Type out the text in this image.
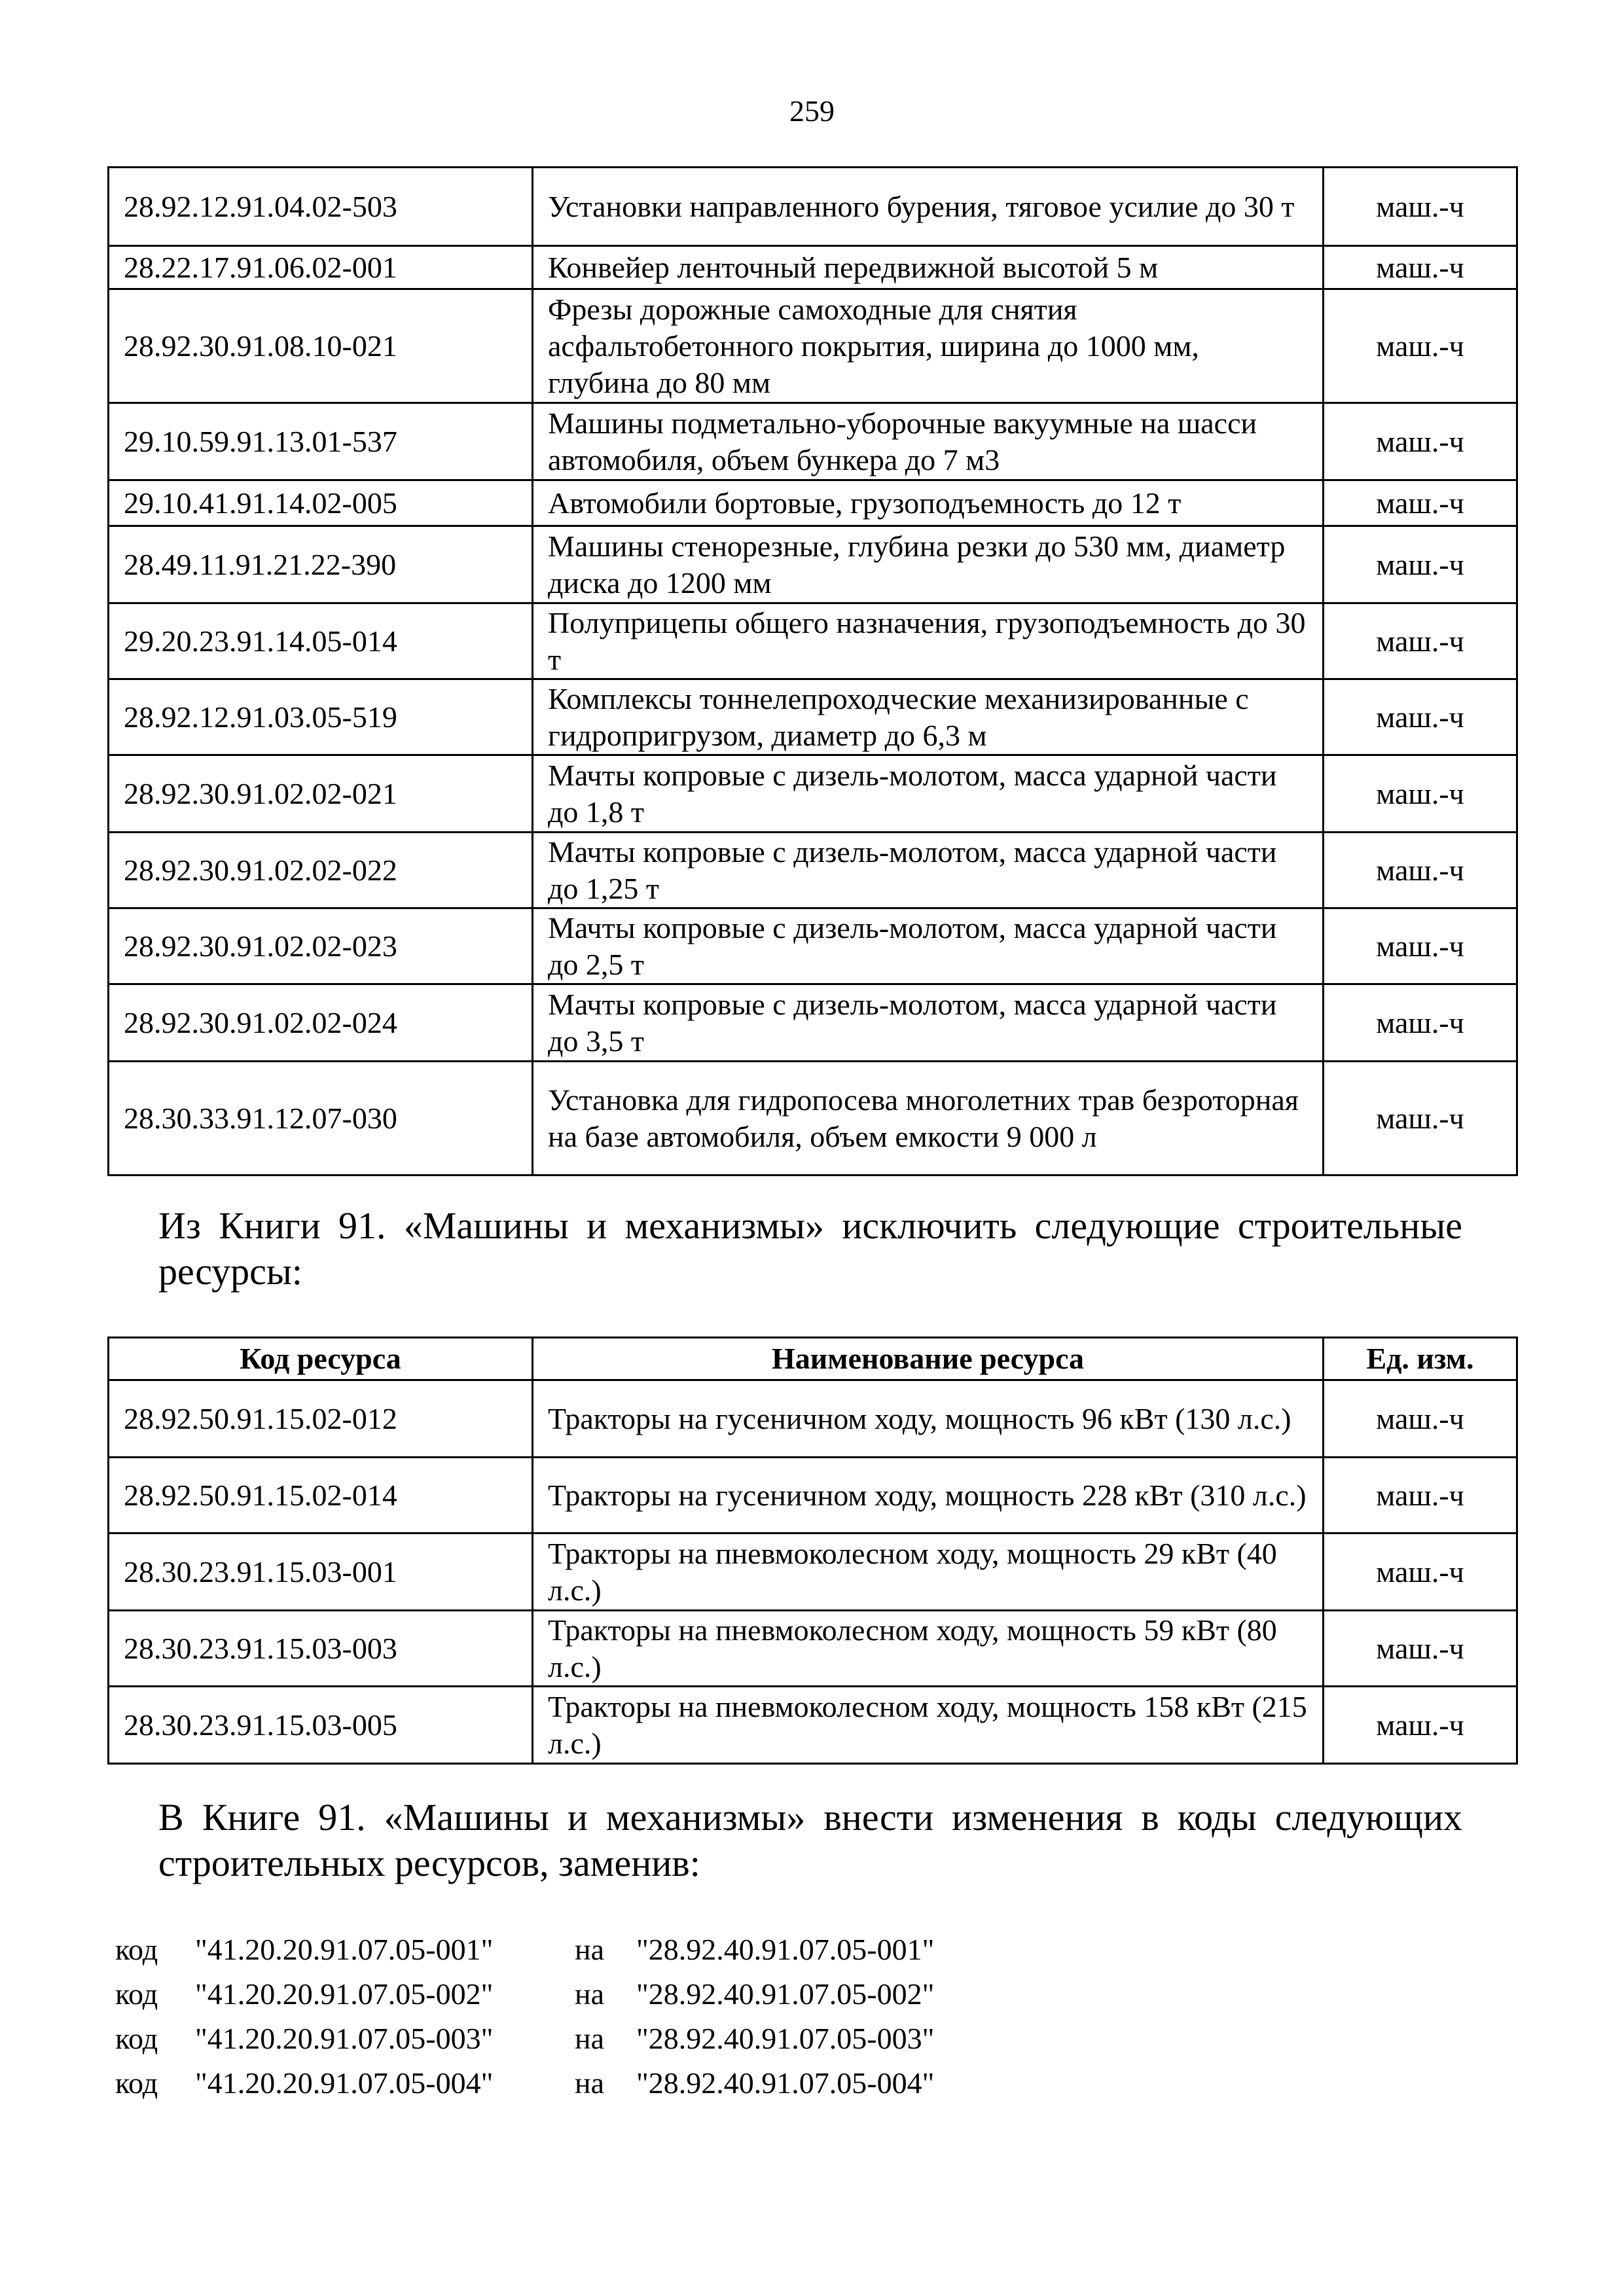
259
28.92.12.91.04.02-503	Установки направленного бурения, тяговое усилие до 30 т	маш.-ч
28.22.17.91.06.02-001	Конвейер ленточный передвижной высотой 5 м	маш.-ч
28.92.30.91.08.10-021	Фрезы дорожные самоходные для снятия асфальтобетонного покрытия, ширина до 1000 мм, глубина до 80 мм	маш.-ч
29.10.59.91.13.01-537	Машины подметально-уборочные вакуумные на шасси автомобиля, объем бункера до 7 м3	маш.-ч
29.10.41.91.14.02-005	Автомобили бортовые, грузоподъемность до 12 т	маш.-ч
28.49.11.91.21.22-390	Машины стенорезные, глубина резки до 530 мм, диаметр диска до 1200 мм	маш.-ч
29.20.23.91.14.05-014	Полуприцепы общего назначения, грузоподъемность до 30 т	маш.-ч
28.92.12.91.03.05-519	Комплексы тоннелепроходческие механизированные с гидропригрузом, диаметр до 6,3 м	маш.-ч
28.92.30.91.02.02-021	Мачты копровые с дизель-молотом, масса ударной части до 1,8 т	маш.-ч
28.92.30.91.02.02-022	Мачты копровые с дизель-молотом, масса ударной части до 1,25 т	маш.-ч
28.92.30.91.02.02-023	Мачты копровые с дизель-молотом, масса ударной части до 2,5 т	маш.-ч
28.92.30.91.02.02-024	Мачты копровые с дизель-молотом, масса ударной части до 3,5 т	маш.-ч
28.30.33.91.12.07-030	Установка для гидропосева многолетних трав безроторная на базе автомобиля, объем емкости 9 000 л	маш.-ч
Из Книги 91. «Машины и механизмы» исключить следующие строительные ресурсы:
Код ресурса	Наименование ресурса	Ед. изм.
28.92.50.91.15.02-012	Тракторы на гусеничном ходу, мощность 96 кВт (130 л.с.)	маш.-ч
28.92.50.91.15.02-014	Тракторы на гусеничном ходу, мощность 228 кВт (310 л.с.)	маш.-ч
28.30.23.91.15.03-001	Тракторы на пневмоколесном ходу, мощность 29 кВт (40 л.с.)	маш.-ч
28.30.23.91.15.03-003	Тракторы на пневмоколесном ходу, мощность 59 кВт (80 л.с.)	маш.-ч
28.30.23.91.15.03-005	Тракторы на пневмоколесном ходу, мощность 158 кВт (215 л.с.)	маш.-ч
В Книге 91. «Машины и механизмы» внести изменения в коды следующих строительных ресурсов, заменив:
код "41.20.20.91.07.05-001"	на "28.92.40.91.07.05-001"
код "41.20.20.91.07.05-002"	на "28.92.40.91.07.05-002"
код "41.20.20.91.07.05-003"	на "28.92.40.91.07.05-003"
код "41.20.20.91.07.05-004"	на "28.92.40.91.07.05-004"
